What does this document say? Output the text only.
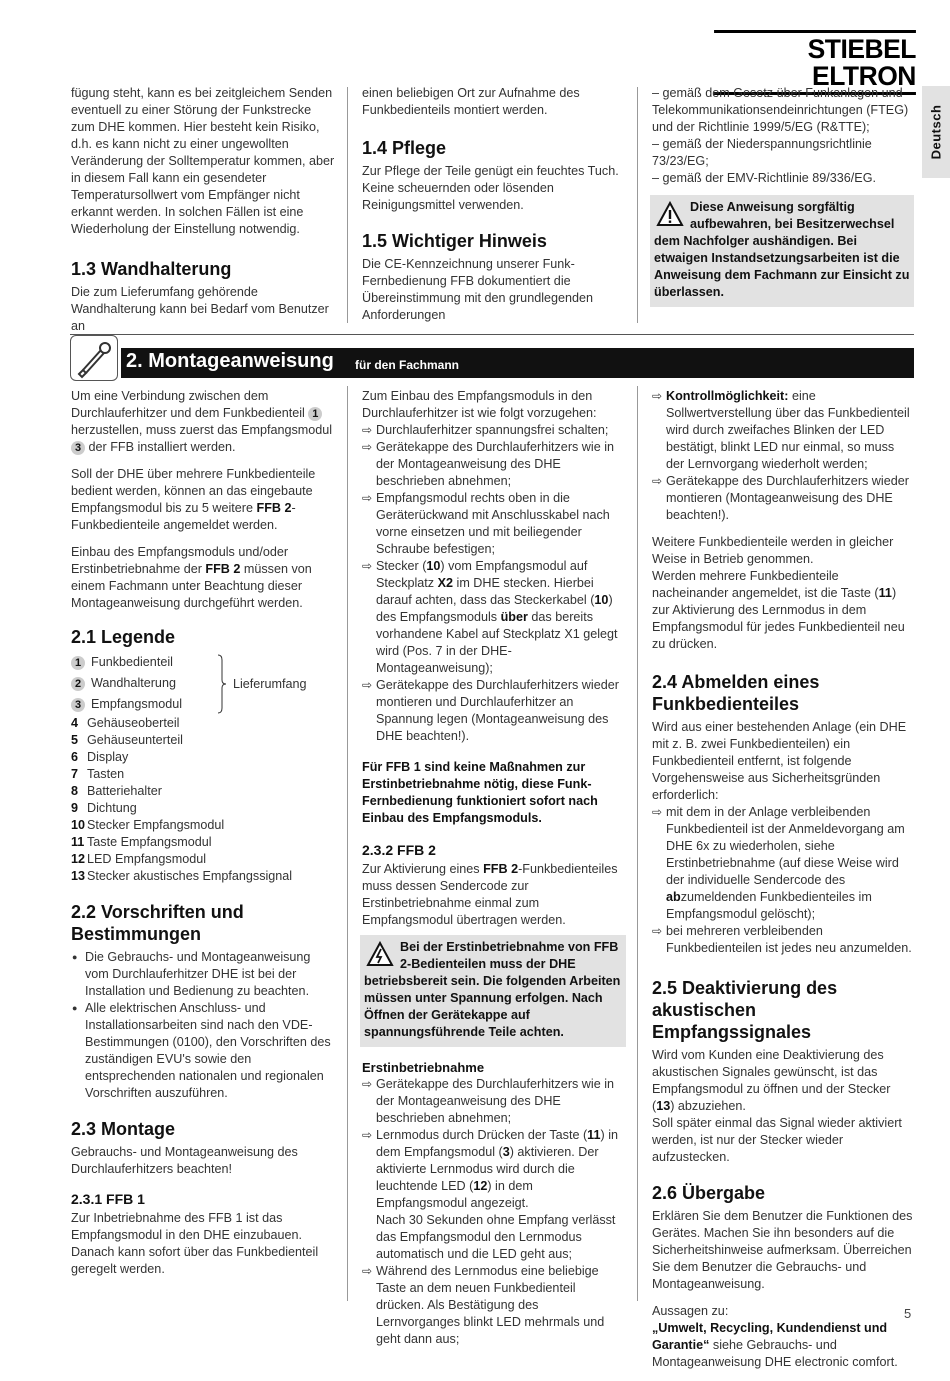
STIEBEL ELTRON
Deutsch

fügung steht, kann es bei zeitgleichem Senden eventuell zu einer Störung der Funkstrecke zum DHE kommen. Hier besteht kein Risiko, d.h. es kann nicht zu einer ungewollten Veränderung der Solltemperatur kommen, aber in diesem Fall kann ein gesendeter Temperatursollwert vom Empfänger nicht erkannt werden. In solchen Fällen ist eine Wiederholung der Einstellung notwendig.

1.3 Wandhalterung

Die zum Lieferumfang gehörende Wandhalterung kann bei Bedarf vom Benutzer an

einen beliebigen Ort zur Aufnahme des Funkbedienteils montiert werden.

1.4 Pflege

Zur Pflege der Teile genügt ein feuchtes Tuch. Keine scheuernden oder lösenden Reinigungsmittel verwenden.

1.5 Wichtiger Hinweis

Die CE-Kennzeichnung unserer Funk-Fernbedienung FFB dokumentiert die Übereinstimmung mit den grundlegenden Anforderungen

– gemäß dem Gesetz über Funkanlagen und Telekommunikationsendeinrichtungen (FTEG) und der Richtlinie 1999/5/EG (R&TTE);
– gemäß der Niederspannungsrichtlinie 73/23/EG;
– gemäß der EMV-Richtlinie 89/336/EG.
Diese Anweisung sorgfältig aufbewahren, bei Besitzerwechsel dem Nachfolger aushändigen. Bei etwaigen Instandsetzungsarbeiten ist die Anweisung dem Fachmann zur Einsicht zu überlassen.
2. Montageanweisung für den Fachmann

Um eine Verbindung zwischen dem Durchlauferhitzer und dem Funkbedienteil 1 herzustellen, muss zuerst das Empfangsmodul 3 der FFB installiert werden.

Soll der DHE über mehrere Funkbedienteile bedient werden, können an das eingebaute Empfangsmodul bis zu 5 weitere FFB 2-Funkbedienteile angemeldet werden.

Einbau des Empfangsmoduls und/oder Erstinbetriebnahme der FFB 2 müssen von einem Fachmann unter Beachtung dieser Montageanweisung durchgeführt werden.

2.1 Legende
1 Funkbedienteil
2 Wandhalterung
3 Empfangsmodul
Lieferumfang
4 Gehäuseoberteil
5 Gehäuseunterteil
6 Display
7 Tasten
8 Batteriehalter
9 Dichtung
10 Stecker Empfangsmodul
11 Taste Empfangsmodul
12 LED Empfangsmodul
13 Stecker akustisches Empfangssignal
2.2 Vorschriften und Bestimmungen
● Die Gebrauchs- und Montageanweisung vom Durchlauferhitzer DHE ist bei der Installation und Bedienung zu beachten.
● Alle elektrischen Anschluss- und Installationsarbeiten sind nach den VDE-Bestimmungen (0100), den Vorschriften des zuständigen EVU's sowie den entsprechenden nationalen und regionalen Vorschriften auszuführen.
2.3 Montage

Gebrauchs- und Montageanweisung des Durchlauferhitzers beachten!

2.3.1 FFB 1

Zur Inbetriebnahme des FFB 1 ist das Empfangsmodul in den DHE einzubauen. Danach kann sofort über das Funkbedienteil geregelt werden.

Zum Einbau des Empfangsmoduls in den Durchlauferhitzer ist wie folgt vorzugehen:

⇨ Durchlauferhitzer spannungsfrei schalten;
⇨ Gerätekappe des Durchlauferhitzers wie in der Montageanweisung des DHE beschrieben abnehmen;
⇨ Empfangsmodul rechts oben in die Geräterückwand mit Anschlusskabel nach vorne einsetzen und mit beiliegender Schraube befestigen;
⇨ Stecker (10) vom Empfangsmodul auf Steckplatz X2 im DHE stecken. Hierbei darauf achten, dass das Steckerkabel (10) des Empfangsmoduls über das bereits vorhandene Kabel auf Steckplatz X1 gelegt wird (Pos. 7 in der DHE-Montageanweisung);
⇨ Gerätekappe des Durchlauferhitzers wieder montieren und Durchlauferhitzer an Spannung legen (Montageanweisung des DHE beachten!).

Für FFB 1 sind keine Maßnahmen zur Erstinbetriebnahme nötig, diese Funk-Fernbedienung funktioniert sofort nach Einbau des Empfangsmoduls.

2.3.2 FFB 2

Zur Aktivierung eines FFB 2-Funkbedienteiles muss dessen Sendercode zur Erstinbetriebnahme einmal zum Empfangsmodul übertragen werden.

Bei der Erstinbetriebnahme von FFB 2-Bedienteilen muss der DHE betriebsbereit sein. Die folgenden Arbeiten müssen unter Spannung erfolgen. Nach Öffnen der Gerätekappe auf spannungsführende Teile achten.
Erstinbetriebnahme
⇨ Gerätekappe des Durchlauferhitzers wie in der Montageanweisung des DHE beschrieben abnehmen;
⇨ Lernmodus durch Drücken der Taste (11) in dem Empfangsmodul (3) aktivieren. Der aktivierte Lernmodus wird durch die leuchtende LED (12) in dem Empfangsmodul angezeigt.
Nach 30 Sekunden ohne Empfang verlässt das Empfangsmodul den Lernmodus automatisch und die LED geht aus;
⇨ Während des Lernmodus eine beliebige Taste an dem neuen Funkbedienteil drücken. Als Bestätigung des Lernvorganges blinkt LED mehrmals und geht dann aus;
⇨ Kontrollmöglichkeit: eine Sollwertverstellung über das Funkbedienteil wird durch zweifaches Blinken der LED bestätigt, blinkt LED nur einmal, so muss der Lernvorgang wiederholt werden;
⇨ Gerätekappe des Durchlauferhitzers wieder montieren (Montageanweisung des DHE beachten!).

Weitere Funkbedienteile werden in gleicher Weise in Betrieb genommen.
Werden mehrere Funkbedienteile nacheinander angemeldet, ist die Taste (11) zur Aktivierung des Lernmodus in dem Empfangsmodul für jedes Funkbedienteil neu zu drücken.

2.4 Abmelden eines Funkbedienteiles

Wird aus einer bestehenden Anlage (ein DHE mit z. B. zwei Funkbedienteilen) ein Funkbedienteil entfernt, ist folgende Vorgehensweise aus Sicherheitsgründen erforderlich:

⇨ mit dem in der Anlage verbleibenden Funkbedienteil ist der Anmeldevorgang am DHE 6x zu wiederholen, siehe Erstinbetriebnahme (auf diese Weise wird der individuelle Sendercode des abzumeldenden Funkbedienteiles im Empfangsmodul gelöscht);
⇨ bei mehreren verbleibenden Funkbedienteilen ist jedes neu anzumelden.
2.5 Deaktivierung des akustischen Empfangssignales

Wird vom Kunden eine Deaktivierung des akustischen Signales gewünscht, ist das Empfangsmodul zu öffnen und der Stecker (13) abzuziehen.
Soll später einmal das Signal wieder aktiviert werden, ist nur der Stecker wieder aufzustecken.

2.6 Übergabe

Erklären Sie dem Benutzer die Funktionen des Gerätes. Machen Sie ihn besonders auf die Sicherheitshinweise aufmerksam. Überreichen Sie dem Benutzer die Gebrauchs- und Montageanweisung.

Aussagen zu:
„Umwelt, Recycling, Kundendienst und Garantie“ siehe Gebrauchs- und Montageanweisung DHE electronic comfort.

5
